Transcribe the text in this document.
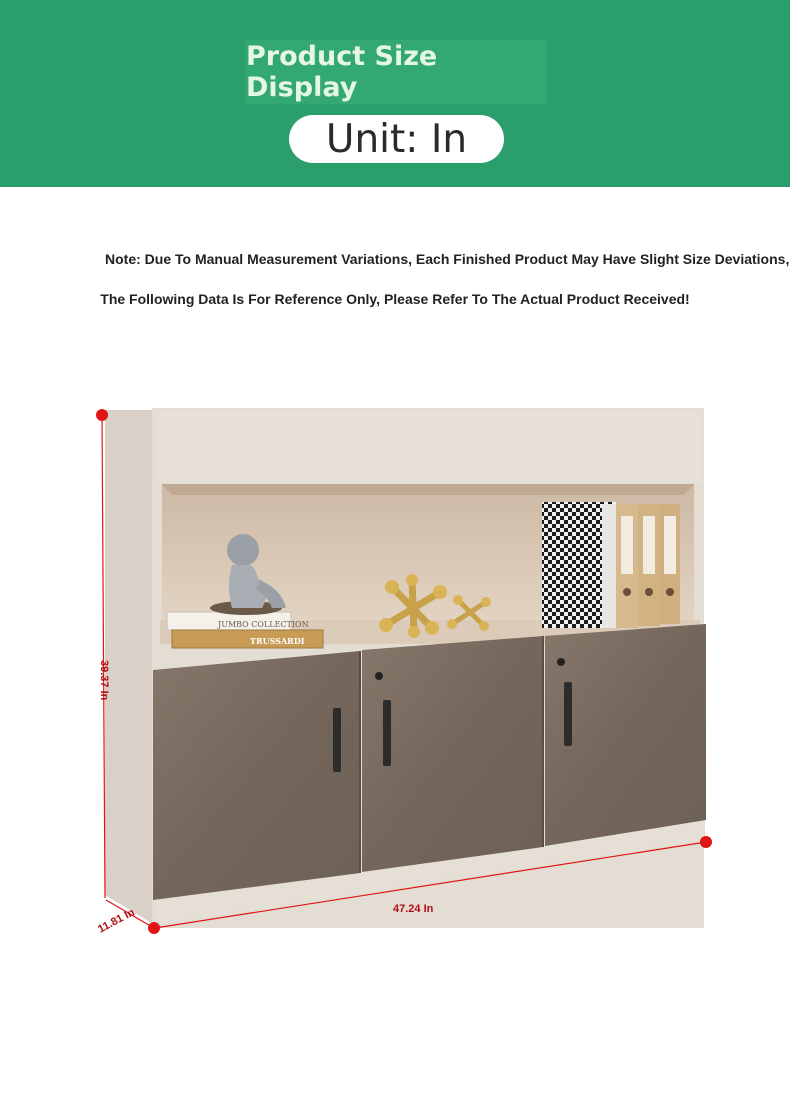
Product Size Display
Unit: In
Note: Due To Manual Measurement Variations, Each Finished Product May Have Slight Size Deviations,
The Following Data Is For Reference Only, Please Refer To The Actual Product Received!
JUMBO COLLECTION
TRUSSARDI
39.37 In
47.24 In
11.81 In
